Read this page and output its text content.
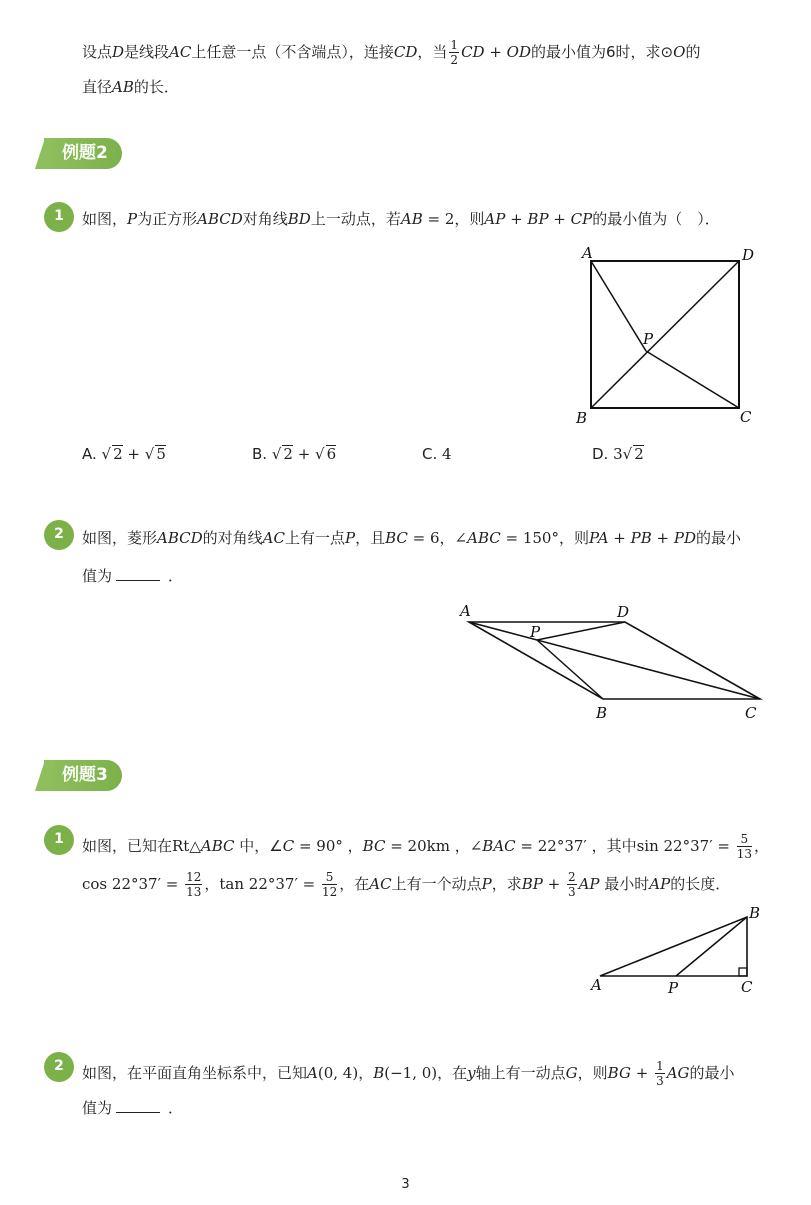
设点D是线段AC上任意一点（不含端点），连接CD，当 $\frac{1}{2}$ CD + OD的最小值为6时，求⊙O的
直径AB的长．
例题2
1	如图，P为正方形ABCD对角线BD上一动点，若AB = 2，则AP + BP + CP的最小值为（　）．
A	D
B	C
P
A. √ 2 + √ 5	B. √ 2 + √ 6	C. 4	D. 3√ 2
2	如图，菱形ABCD的对角线AC上有一点P，且BC = 6，∠ABC = 150°，则PA + PB + PD的最小
值为	．
A	D
B	C
P
例题3
1	如图，已知在Rt△ABC 中，∠C = 90° ，BC = 20km ，∠BAC = 22°37′ ，其中$\sin 22^\circ 37' = \frac{5}{13}$ ，
$\cos 22^\circ 37' = \frac{12}{13}$ ，$\tan 22^\circ 37' = \frac{5}{12}$ ，在AC上有一个动点P，求BP + $\frac{2}{3}$ AP 最小时AP的长度．
A
B
C
P
2	如图，在平面直角坐标系中，已知A(0, 4)，B(−1, 0)，在y轴上有一动点G，则BG + $\frac{1}{3}$ AG的最小
值为	．
3
